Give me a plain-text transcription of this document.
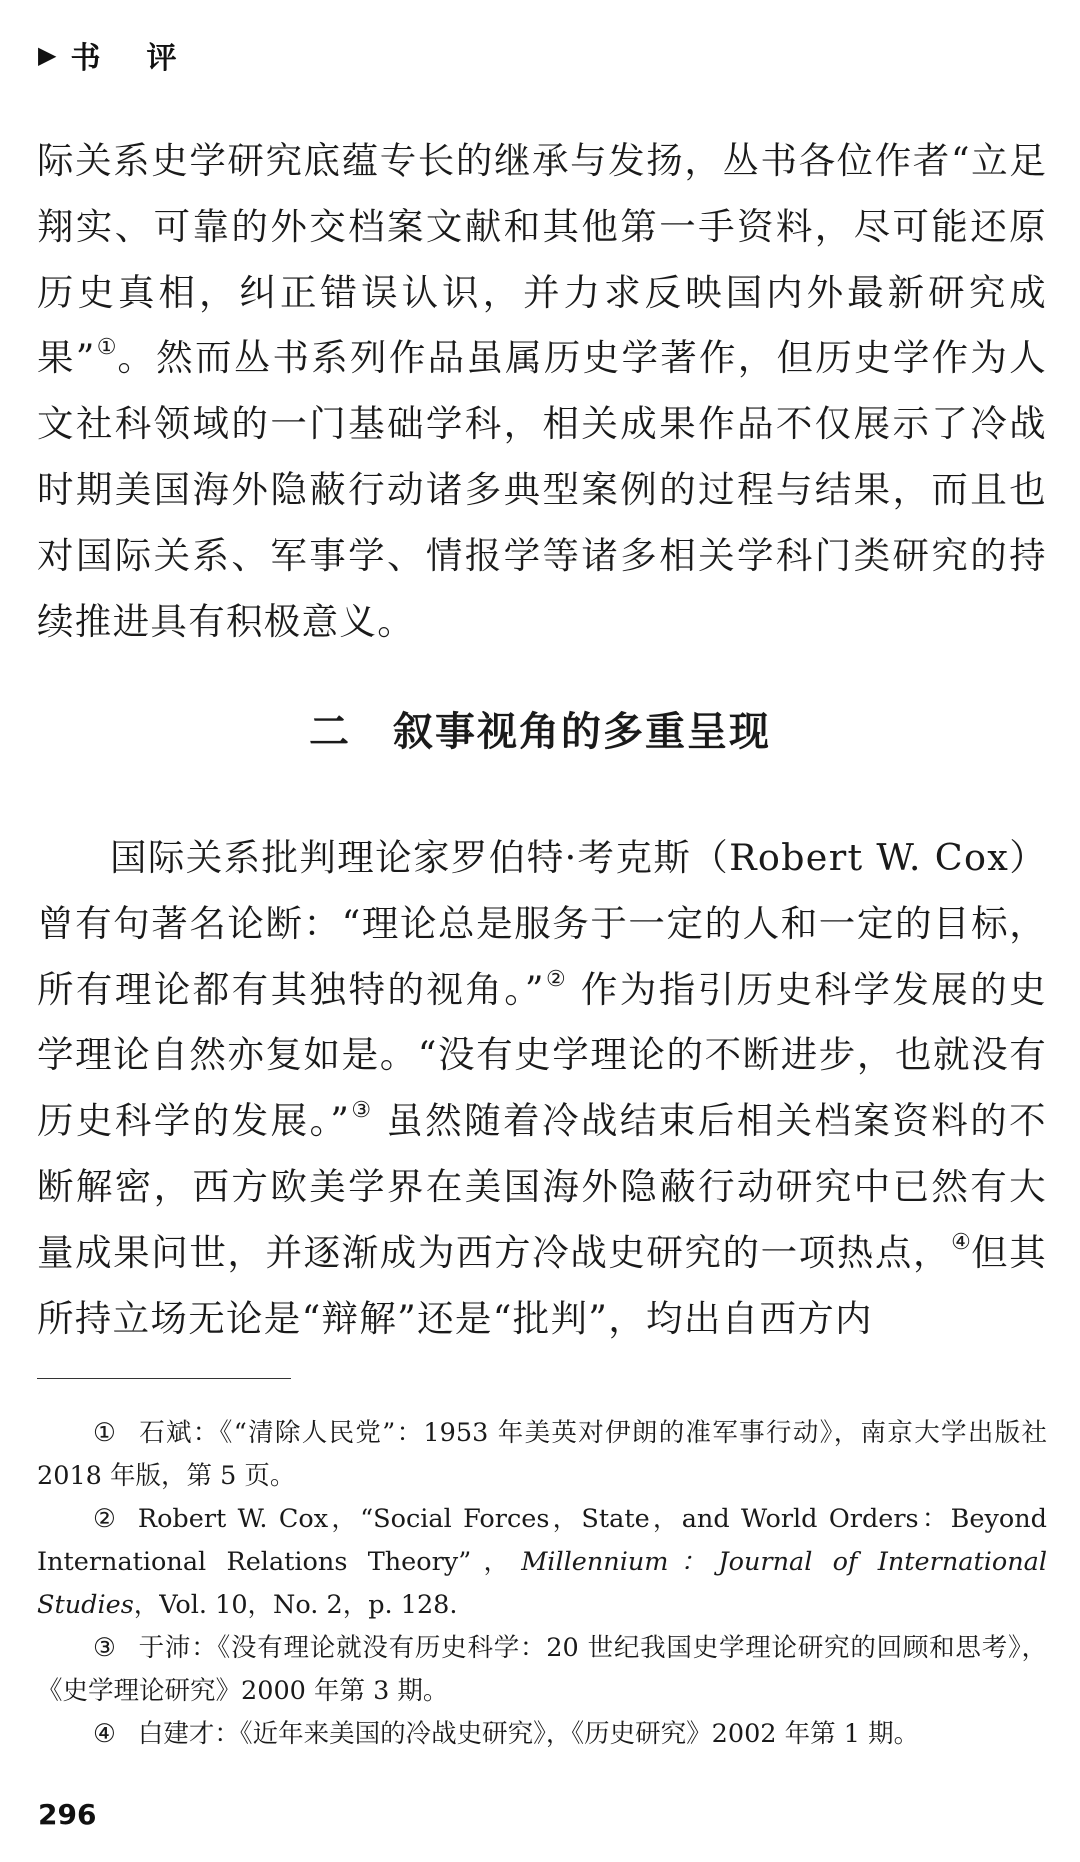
▶ 书评
际关系史学研究底蕴专长的继承与发扬，丛书各位作者“立足翔实、可靠的外交档案文献和其他第一手资料，尽可能还原历史真相，纠正错误认识，并力求反映国内外最新研究成果”①。然而丛书系列作品虽属历史学著作，但历史学作为人文社科领域的一门基础学科，相关成果作品不仅展示了冷战时期美国海外隐蔽行动诸多典型案例的过程与结果，而且也对国际关系、军事学、情报学等诸多相关学科门类研究的持续推进具有积极意义。
二 叙事视角的多重呈现
国际关系批判理论家罗伯特·考克斯（Robert W. Cox）曾有句著名论断：“理论总是服务于一定的人和一定的目标，所有理论都有其独特的视角。”② 作为指引历史科学发展的史学理论自然亦复如是。“没有史学理论的不断进步，也就没有历史科学的发展。”③ 虽然随着冷战结束后相关档案资料的不断解密，西方欧美学界在美国海外隐蔽行动研究中已然有大量成果问世，并逐渐成为西方冷战史研究的一项热点，④但其所持立场无论是“辩解”还是“批判”，均出自西方内

① 石斌：《“清除人民党”：1953 年美英对伊朗的准军事行动》，南京大学出版社 2018 年版，第 5 页。

② Robert W. Cox，“Social Forces，State，and World Orders：Beyond International Relations Theory”，Millennium：Journal of International Studies，Vol. 10，No. 2，p. 128.

③ 于沛：《没有理论就没有历史科学：20 世纪我国史学理论研究的回顾和思考》，《史学理论研究》2000 年第 3 期。

④ 白建才：《近年来美国的冷战史研究》，《历史研究》2002 年第 1 期。

296
